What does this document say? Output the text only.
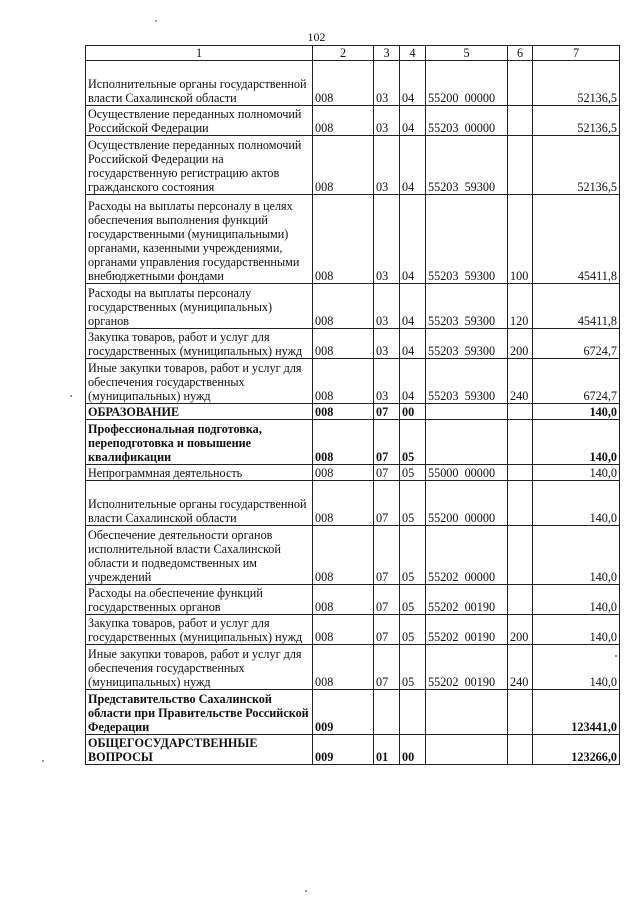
102
1	2	3	4	5	6	7
Исполнительные органы государственной власти Сахалинской области	008	03	04	55200  00000		52136,5
Осуществление переданных полномочий Российской Федерации	008	03	04	55203  00000		52136,5
Осуществление переданных полномочий Российской Федерации на государственную регистрацию актов гражданского состояния	008	03	04	55203  59300		52136,5
Расходы на выплаты персоналу в целях обеспечения выполнения функций государственными (муниципальными) органами, казенными учреждениями, органами управления государственными внебюджетными фондами	008	03	04	55203  59300	100	45411,8
Расходы на выплаты персоналу государственных (муниципальных) органов	008	03	04	55203  59300	120	45411,8
Закупка товаров, работ и услуг для государственных (муниципальных) нужд	008	03	04	55203  59300	200	6724,7
Иные закупки товаров, работ и услуг для обеспечения государственных (муниципальных) нужд	008	03	04	55203  59300	240	6724,7
ОБРАЗОВАНИЕ	008	07	00			140,0
Профессиональная подготовка, переподготовка и повышение квалификации	008	07	05			140,0
Непрограммная деятельность	008	07	05	55000  00000		140,0
Исполнительные органы государственной власти Сахалинской области	008	07	05	55200  00000		140,0
Обеспечение деятельности органов исполнительной власти Сахалинской области и подведомственных им учреждений	008	07	05	55202  00000		140,0
Расходы на обеспечение функций государственных органов	008	07	05	55202  00190		140,0
Закупка товаров, работ и услуг для государственных (муниципальных) нужд	008	07	05	55202  00190	200	140,0
Иные закупки товаров, работ и услуг для обеспечения государственных (муниципальных) нужд	008	07	05	55202  00190	240	140,0
Представительство Сахалинской области при Правительстве Российской Федерации	009					123441,0
ОБЩЕГОСУДАРСТВЕННЫЕ ВОПРОСЫ	009	01	00			123266,0
